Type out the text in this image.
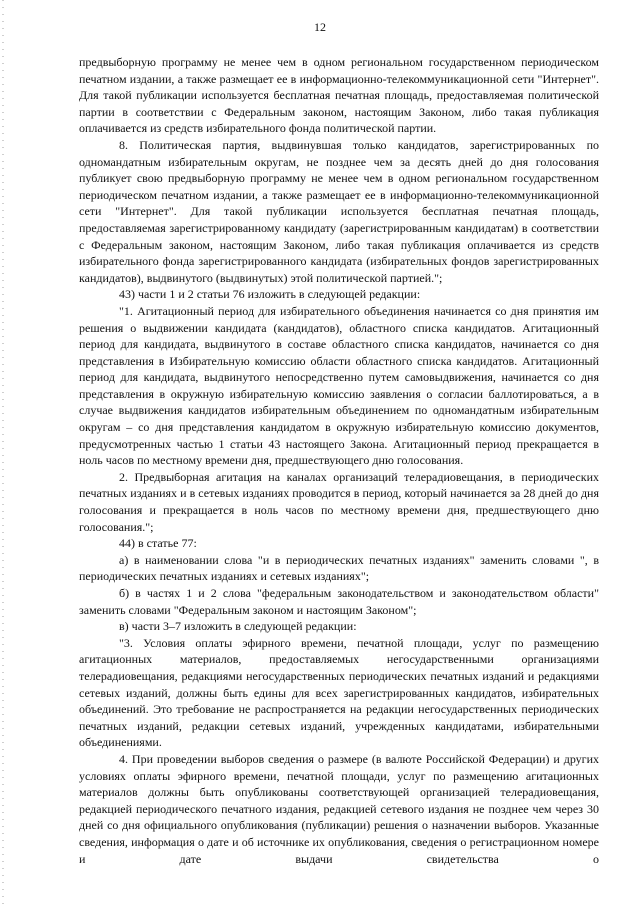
12

предвыборную программу не менее чем в одном региональном государственном периодическом печатном издании, а также размещает ее в информационно-телекоммуникационной сети "Интернет". Для такой публикации используется бесплатная печатная площадь, предоставляемая политической партии в соответствии с Федеральным законом, настоящим Законом, либо такая публикация оплачивается из средств избирательного фонда политической партии.

8. Политическая партия, выдвинувшая только кандидатов, зарегистрированных по одномандатным избирательным округам, не позднее чем за десять дней до дня голосования публикует свою предвыборную программу не менее чем в одном региональном государственном периодическом печатном издании, а также размещает ее в информационно-телекоммуникационной сети "Интернет". Для такой публикации используется бесплатная печатная площадь, предоставляемая зарегистрированному кандидату (зарегистрированным кандидатам) в соответствии с Федеральным законом, настоящим Законом, либо такая публикация оплачивается из средств избирательного фонда зарегистрированного кандидата (избирательных фондов зарегистрированных кандидатов), выдвинутого (выдвинутых) этой политической партией.";

43) части 1 и 2 статьи 76 изложить в следующей редакции:

"1. Агитационный период для избирательного объединения начинается со дня принятия им решения о выдвижении кандидата (кандидатов), областного списка кандидатов. Агитационный период для кандидата, выдвинутого в составе областного списка кандидатов, начинается со дня представления в Избирательную комиссию области областного списка кандидатов. Агитационный период для кандидата, выдвинутого непосредственно путем самовыдвижения, начинается со дня представления в окружную избирательную комиссию заявления о согласии баллотироваться, а в случае выдвижения кандидатов избирательным объединением по одномандатным избирательным округам – со дня представления кандидатом в окружную избирательную комиссию документов, предусмотренных частью 1 статьи 43 настоящего Закона. Агитационный период прекращается в ноль часов по местному времени дня, предшествующего дню голосования.

2. Предвыборная агитация на каналах организаций телерадиовещания, в периодических печатных изданиях и в сетевых изданиях проводится в период, который начинается за 28 дней до дня голосования и прекращается в ноль часов по местному времени дня, предшествующего дню голосования.";

44) в статье 77:

а) в наименовании слова "и в периодических печатных изданиях" заменить словами ", в периодических печатных изданиях и сетевых изданиях";

б) в частях 1 и 2 слова "федеральным законодательством и законодательством области" заменить словами "Федеральным законом и настоящим Законом";

в) части 3–7 изложить в следующей редакции:

"3. Условия оплаты эфирного времени, печатной площади, услуг по размещению агитационных материалов, предоставляемых негосударственными организациями телерадиовещания, редакциями негосударственных периодических печатных изданий и редакциями сетевых изданий, должны быть едины для всех зарегистрированных кандидатов, избирательных объединений. Это требование не распространяется на редакции негосударственных периодических печатных изданий, редакции сетевых изданий, учрежденных кандидатами, избирательными объединениями.

4. При проведении выборов сведения о размере (в валюте Российской Федерации) и других условиях оплаты эфирного времени, печатной площади, услуг по размещению агитационных материалов должны быть опубликованы соответствующей организацией телерадиовещания, редакцией периодического печатного издания, редакцией сетевого издания не позднее чем через 30 дней со дня официального опубликования (публикации) решения о назначении выборов. Указанные сведения, информация о дате и об источнике их опубликования, сведения о регистрационном номере и дате выдачи свидетельства о
